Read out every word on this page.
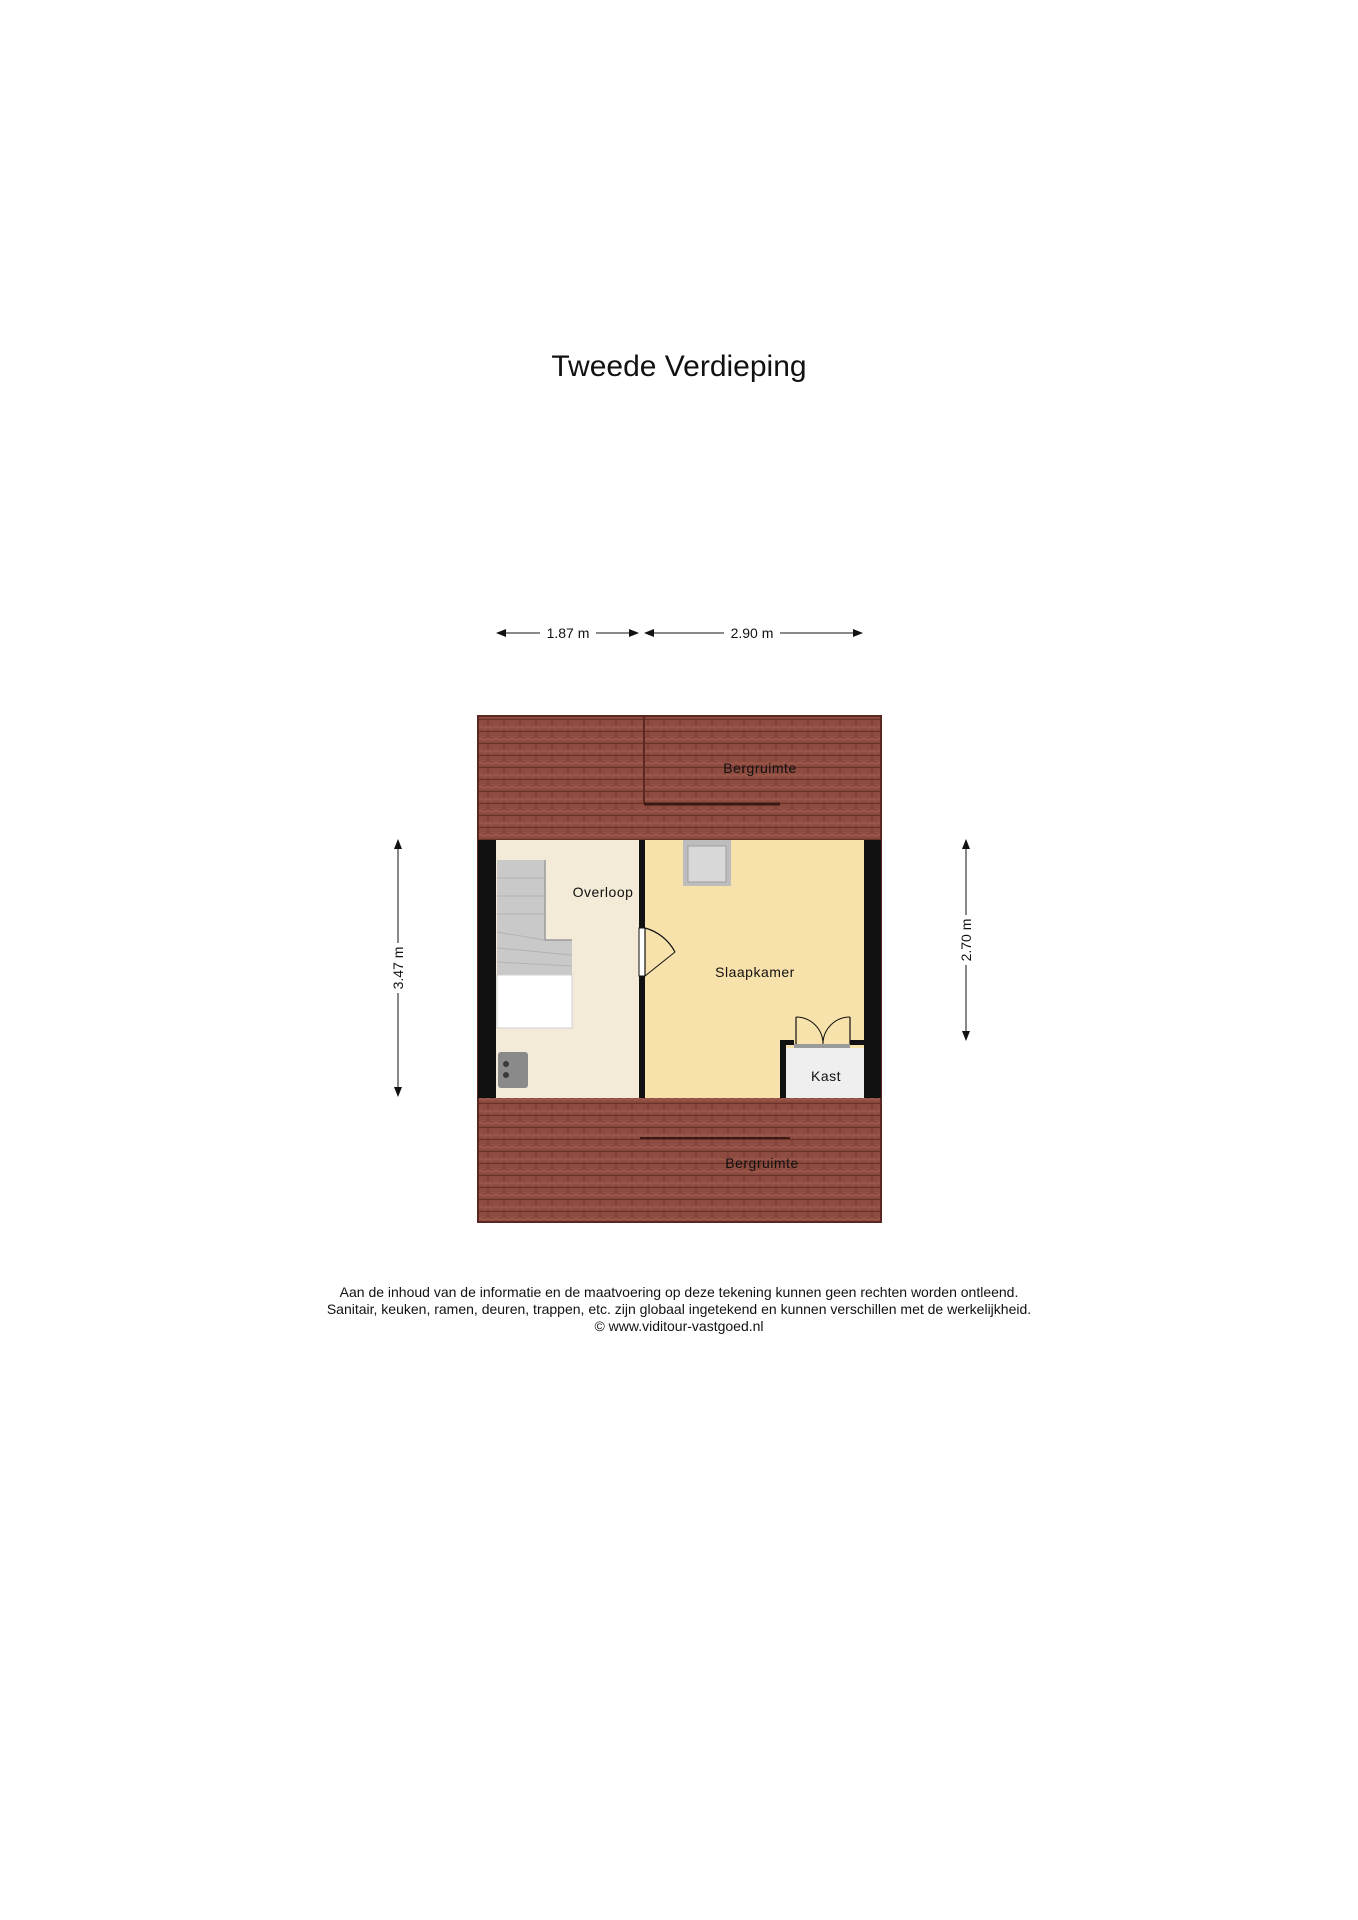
Tweede Verdieping
1.87 m	2.90 m
3.47 m
2.70 m
Bergruimte
Overloop
Slaapkamer
Kast
Bergruimte
Aan de inhoud van de informatie en de maatvoering op deze tekening kunnen geen rechten worden ontleend.
Sanitair, keuken, ramen, deuren, trappen, etc. zijn globaal ingetekend en kunnen verschillen met de werkelijkheid.
© www.viditour-vastgoed.nl
